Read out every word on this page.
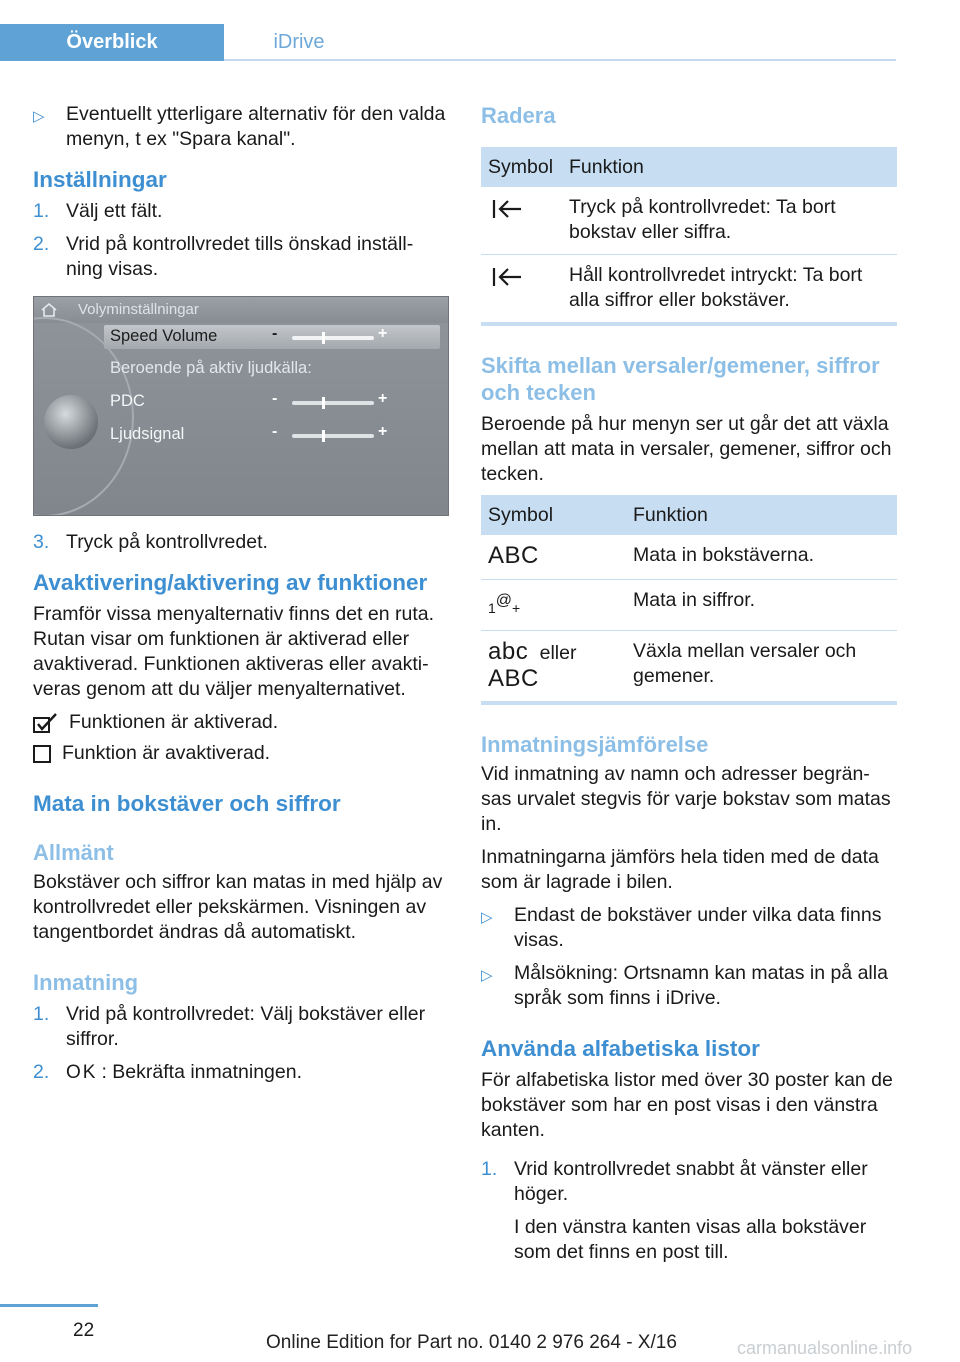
Överblick	iDrive
▷	Eventuellt ytterligare alternativ för den valda menyn, t ex "Spara kanal".
Inställningar
1. Välj ett fält.
2. Vrid på kontrollvredet tills önskad inställ‐ning visas.
Volyminställningar
Speed Volume	-	+
Beroende på aktiv ljudkälla:
PDC	-	+
Ljudsignal	-	+
3. Tryck på kontrollvredet.
Avaktivering/aktivering av funktioner
Framför vissa menyalternativ finns det en ruta. Rutan visar om funktionen är aktiverad eller avaktiverad. Funktionen aktiveras eller avakti‐veras genom att du väljer menyalternativet.
Funktionen är aktiverad.
Funktion är avaktiverad.
Mata in bokstäver och siffror
Allmänt
Bokstäver och siffror kan matas in med hjälp av kontrollvredet eller pekskärmen. Visningen av tangentbordet ändras då automatiskt.
Inmatning
1. Vrid på kontrollvredet: Välj bokstäver eller siffror.
2. OK : Bekräfta inmatningen.
Radera
Symbol	Funktion
	Tryck på kontrollvredet: Ta bort bokstav eller siffra.
	Håll kontrollvredet intryckt: Ta bort alla siffror eller bokstäver.
Skifta mellan versaler/gemener, siffror och tecken
Beroende på hur menyn ser ut går det att växla mellan att mata in versaler, gemener, siffror och tecken.
Symbol	Funktion
ABC	Mata in bokstäverna.
1@+	Mata in siffror.

abc eller
ABC	Växla mellan versaler och gemener.
Inmatningsjämförelse
Vid inmatning av namn och adresser begrän‐sas urvalet stegvis för varje bokstav som matas in.
Inmatningarna jämförs hela tiden med de data som är lagrade i bilen.
▷	Endast de bokstäver under vilka data finns visas.
▷	Målsökning: Ortsnamn kan matas in på alla språk som finns i iDrive.
Använda alfabetiska listor
För alfabetiska listor med över 30 poster kan de bokstäver som har en post visas i den vänstra kanten.
1. Vrid kontrollvredet snabbt åt vänster eller höger.
I den vänstra kanten visas alla bokstäver som det finns en post till.
22
Online Edition for Part no. 0140 2 976 264 - X/16	carmanualsonline.info
